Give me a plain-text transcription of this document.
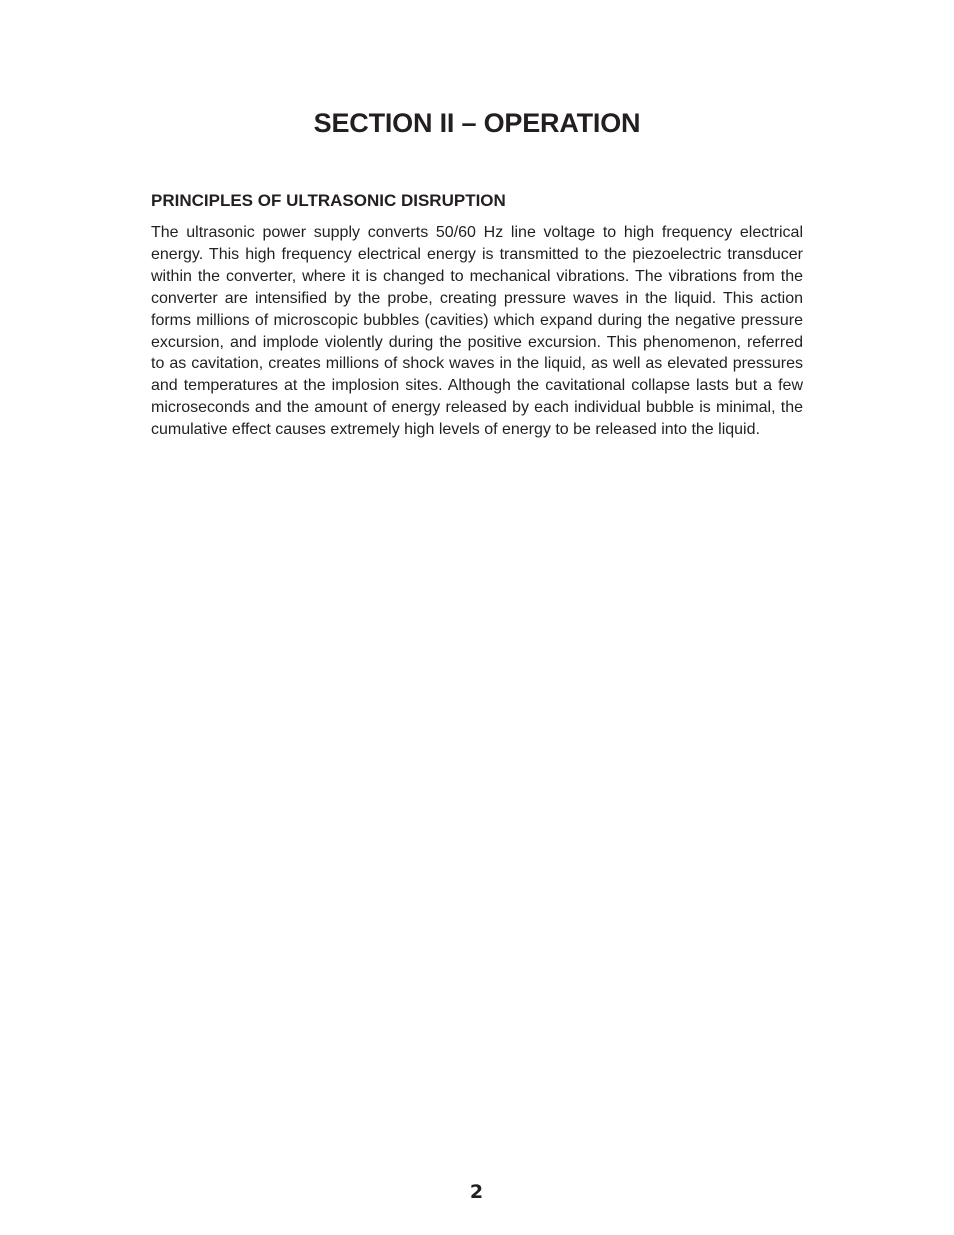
SECTION II – OPERATION
PRINCIPLES OF ULTRASONIC DISRUPTION

The ultrasonic power supply converts 50/60 Hz line voltage to high frequency electrical energy. This high frequency electrical energy is transmitted to the piezoelectric transducer within the converter, where it is changed to mechanical vibrations. The vibrations from the converter are intensified by the probe, creating pressure waves in the liquid. This action forms millions of microscopic bubbles (cavities) which expand during the negative pressure excursion, and implode violently during the positive excursion. This phenomenon, referred to as cavitation, creates millions of shock waves in the liquid, as well as elevated pressures and temperatures at the implosion sites. Although the cavitational collapse lasts but a few microseconds and the amount of energy released by each individual bubble is minimal, the cumulative effect causes extremely high levels of energy to be released into the liquid.

2
